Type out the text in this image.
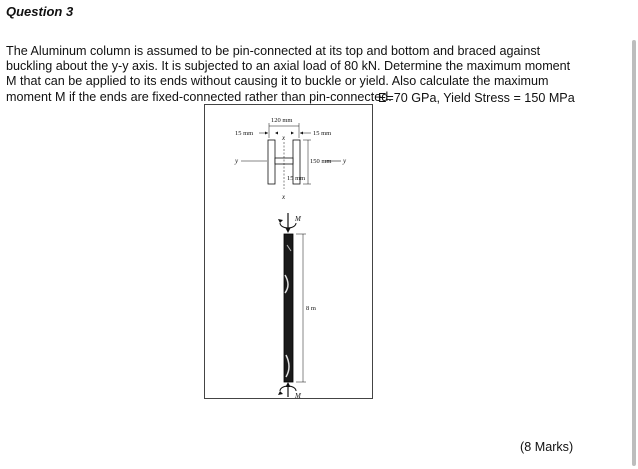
Question 3

The Aluminum column is assumed to be pin-connected at its top and bottom and braced against

buckling about the y-y axis. It is subjected to an axial load of 80 kN. Determine the maximum moment

M that can be applied to its ends without causing it to buckle or yield. Also calculate the maximum

moment M if the ends are fixed-connected rather than pin-connected.

E=70 GPa, Yield Stress = 150 MPa
120 mm
15 mm	15 mm
y	y
x
x
150 mm
15 mm
M
8 m
M
(8 Marks)
